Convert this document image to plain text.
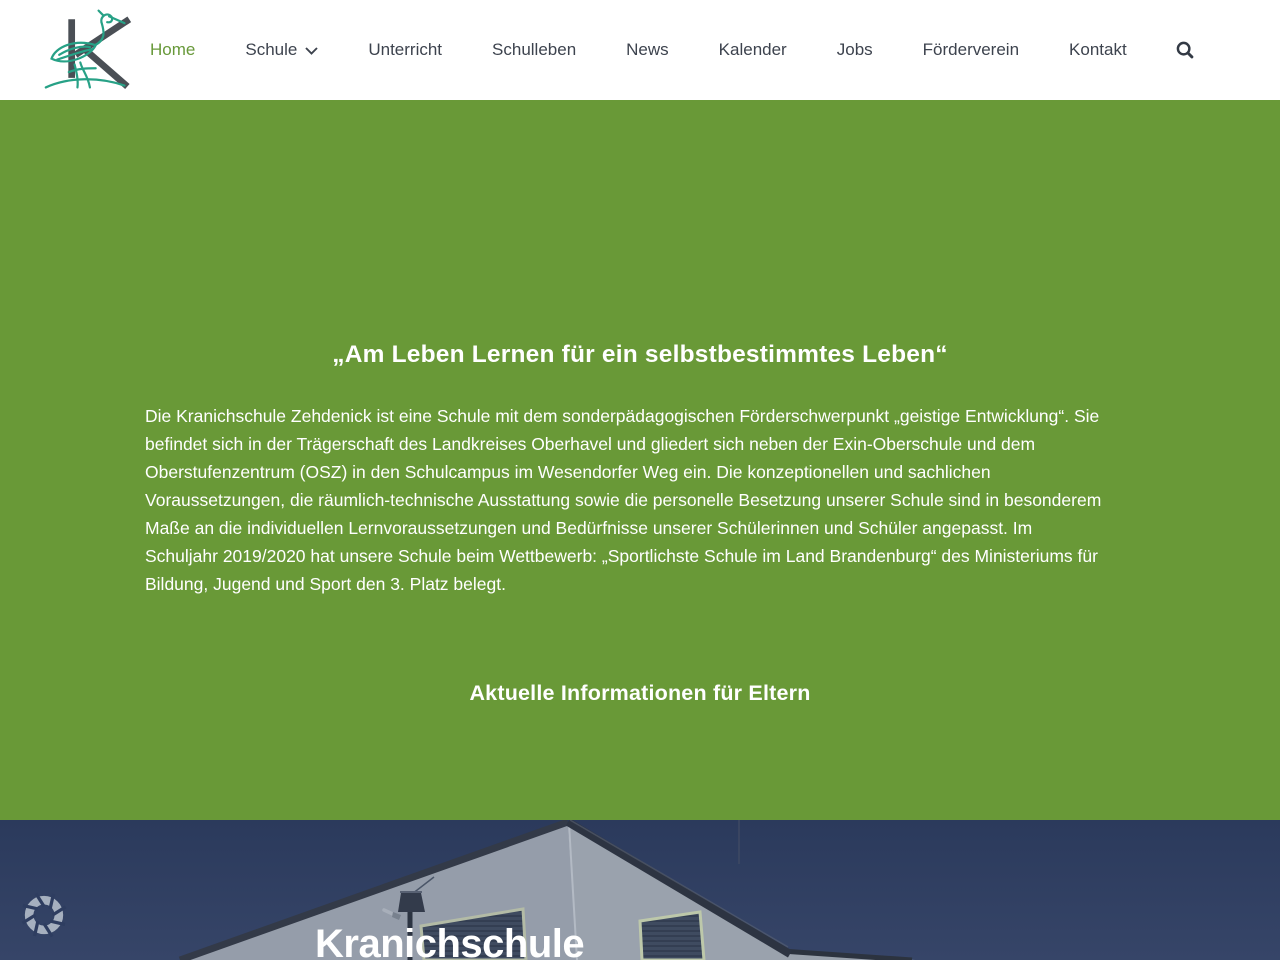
Home	Schule	Unterricht	Schulleben	News	Kalender	Jobs	Förderverein	Kontakt
„Am Leben Lernen für ein selbstbestimmtes Leben“
Die Kranichschule Zehdenick ist eine Schule mit dem sonderpädagogischen Förderschwerpunkt „geistige Entwicklung“. Sie
befindet sich in der Trägerschaft des Landkreises Oberhavel und gliedert sich neben der Exin-Oberschule und dem
Oberstufenzentrum (OSZ) in den Schulcampus im Wesendorfer Weg ein. Die konzeptionellen und sachlichen
Voraussetzungen, die räumlich-technische Ausstattung sowie die personelle Besetzung unserer Schule sind in besonderem
Maße an die individuellen Lernvoraussetzungen und Bedürfnisse unserer Schülerinnen und Schüler angepasst. Im
Schuljahr 2019/2020 hat unsere Schule beim Wettbewerb: „Sportlichste Schule im Land Brandenburg“ des Ministeriums für
Bildung, Jugend und Sport den 3. Platz belegt.
Aktuelle Informationen für Eltern
Kranichschule
